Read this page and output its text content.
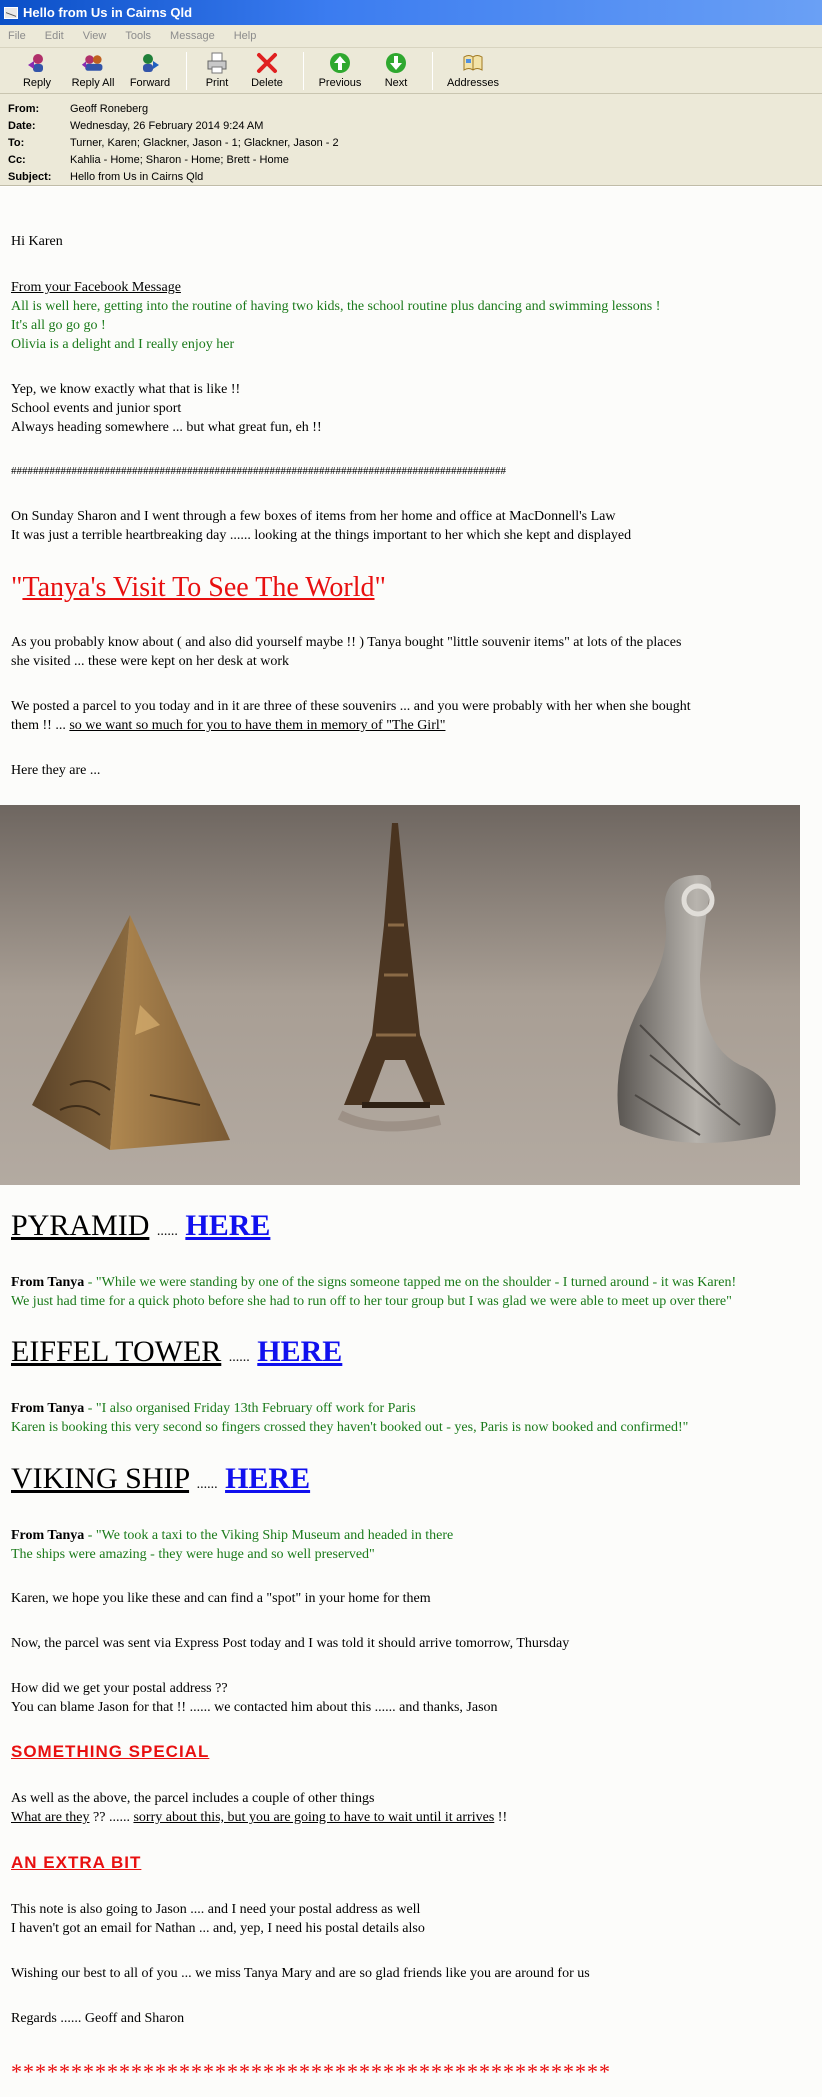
Hello from Us in Cairns Qld
File Edit View Tools Message Help
Reply Reply All Forward	Print Delete	Previous Next	Addresses
From:	Geoff Roneberg
Date:	Wednesday, 26 February 2014 9:24 AM
To:	Turner, Karen; Glackner, Jason - 1; Glackner, Jason - 2
Cc:	Kahlia - Home; Sharon - Home; Brett - Home
Subject:	Hello from Us in Cairns Qld
Hi Karen
From your Facebook Message
All is well here, getting into the routine of having two kids, the school routine plus dancing and swimming lessons !
It's all go go go !
Olivia is a delight and I really enjoy her
Yep, we know exactly what that is like !!
School events and junior sport
Always heading somewhere ... but what great fun, eh !!
##########################################################################################
On Sunday Sharon and I went through a few boxes of items from her home and office at MacDonnell's Law
It was just a terrible heartbreaking day ...... looking at the things important to her which she kept and displayed
"Tanya's Visit To See The World"
As you probably know about ( and also did yourself maybe !! ) Tanya bought "little souvenir items" at lots of the places
she visited ... these were kept on her desk at work
We posted a parcel to you today and in it are three of these souvenirs ... and you were probably with her when she bought
them !! ... so we want so much for you to have them in memory of "The Girl"
Here they are ...
PYRAMID ...... HERE
From Tanya - "While we were standing by one of the signs someone tapped me on the shoulder - I turned around - it was Karen!
We just had time for a quick photo before she had to run off to her tour group but I was glad we were able to meet up over there"
EIFFEL TOWER ...... HERE
From Tanya - "I also organised Friday 13th February off work for Paris
Karen is booking this very second so fingers crossed they haven't booked out - yes, Paris is now booked and confirmed!"
VIKING SHIP ...... HERE
From Tanya - "We took a taxi to the Viking Ship Museum and headed in there
The ships were amazing - they were huge and so well preserved"
Karen, we hope you like these and can find a "spot" in your home for them
Now, the parcel was sent via Express Post today and I was told it should arrive tomorrow, Thursday
How did we get your postal address ??
You can blame Jason for that !! ...... we contacted him about this ...... and thanks, Jason
SOMETHING SPECIAL
As well as the above, the parcel includes a couple of other things
What are they ?? ...... sorry about this, but you are going to have to wait until it arrives !!
AN EXTRA BIT
This note is also going to Jason .... and I need your postal address as well
I haven't got an email for Nathan ... and, yep, I need his postal details also
Wishing our best to all of you ... we miss Tanya Mary and are so glad friends like you are around for us
Regards ...... Geoff and Sharon
**************************************************
